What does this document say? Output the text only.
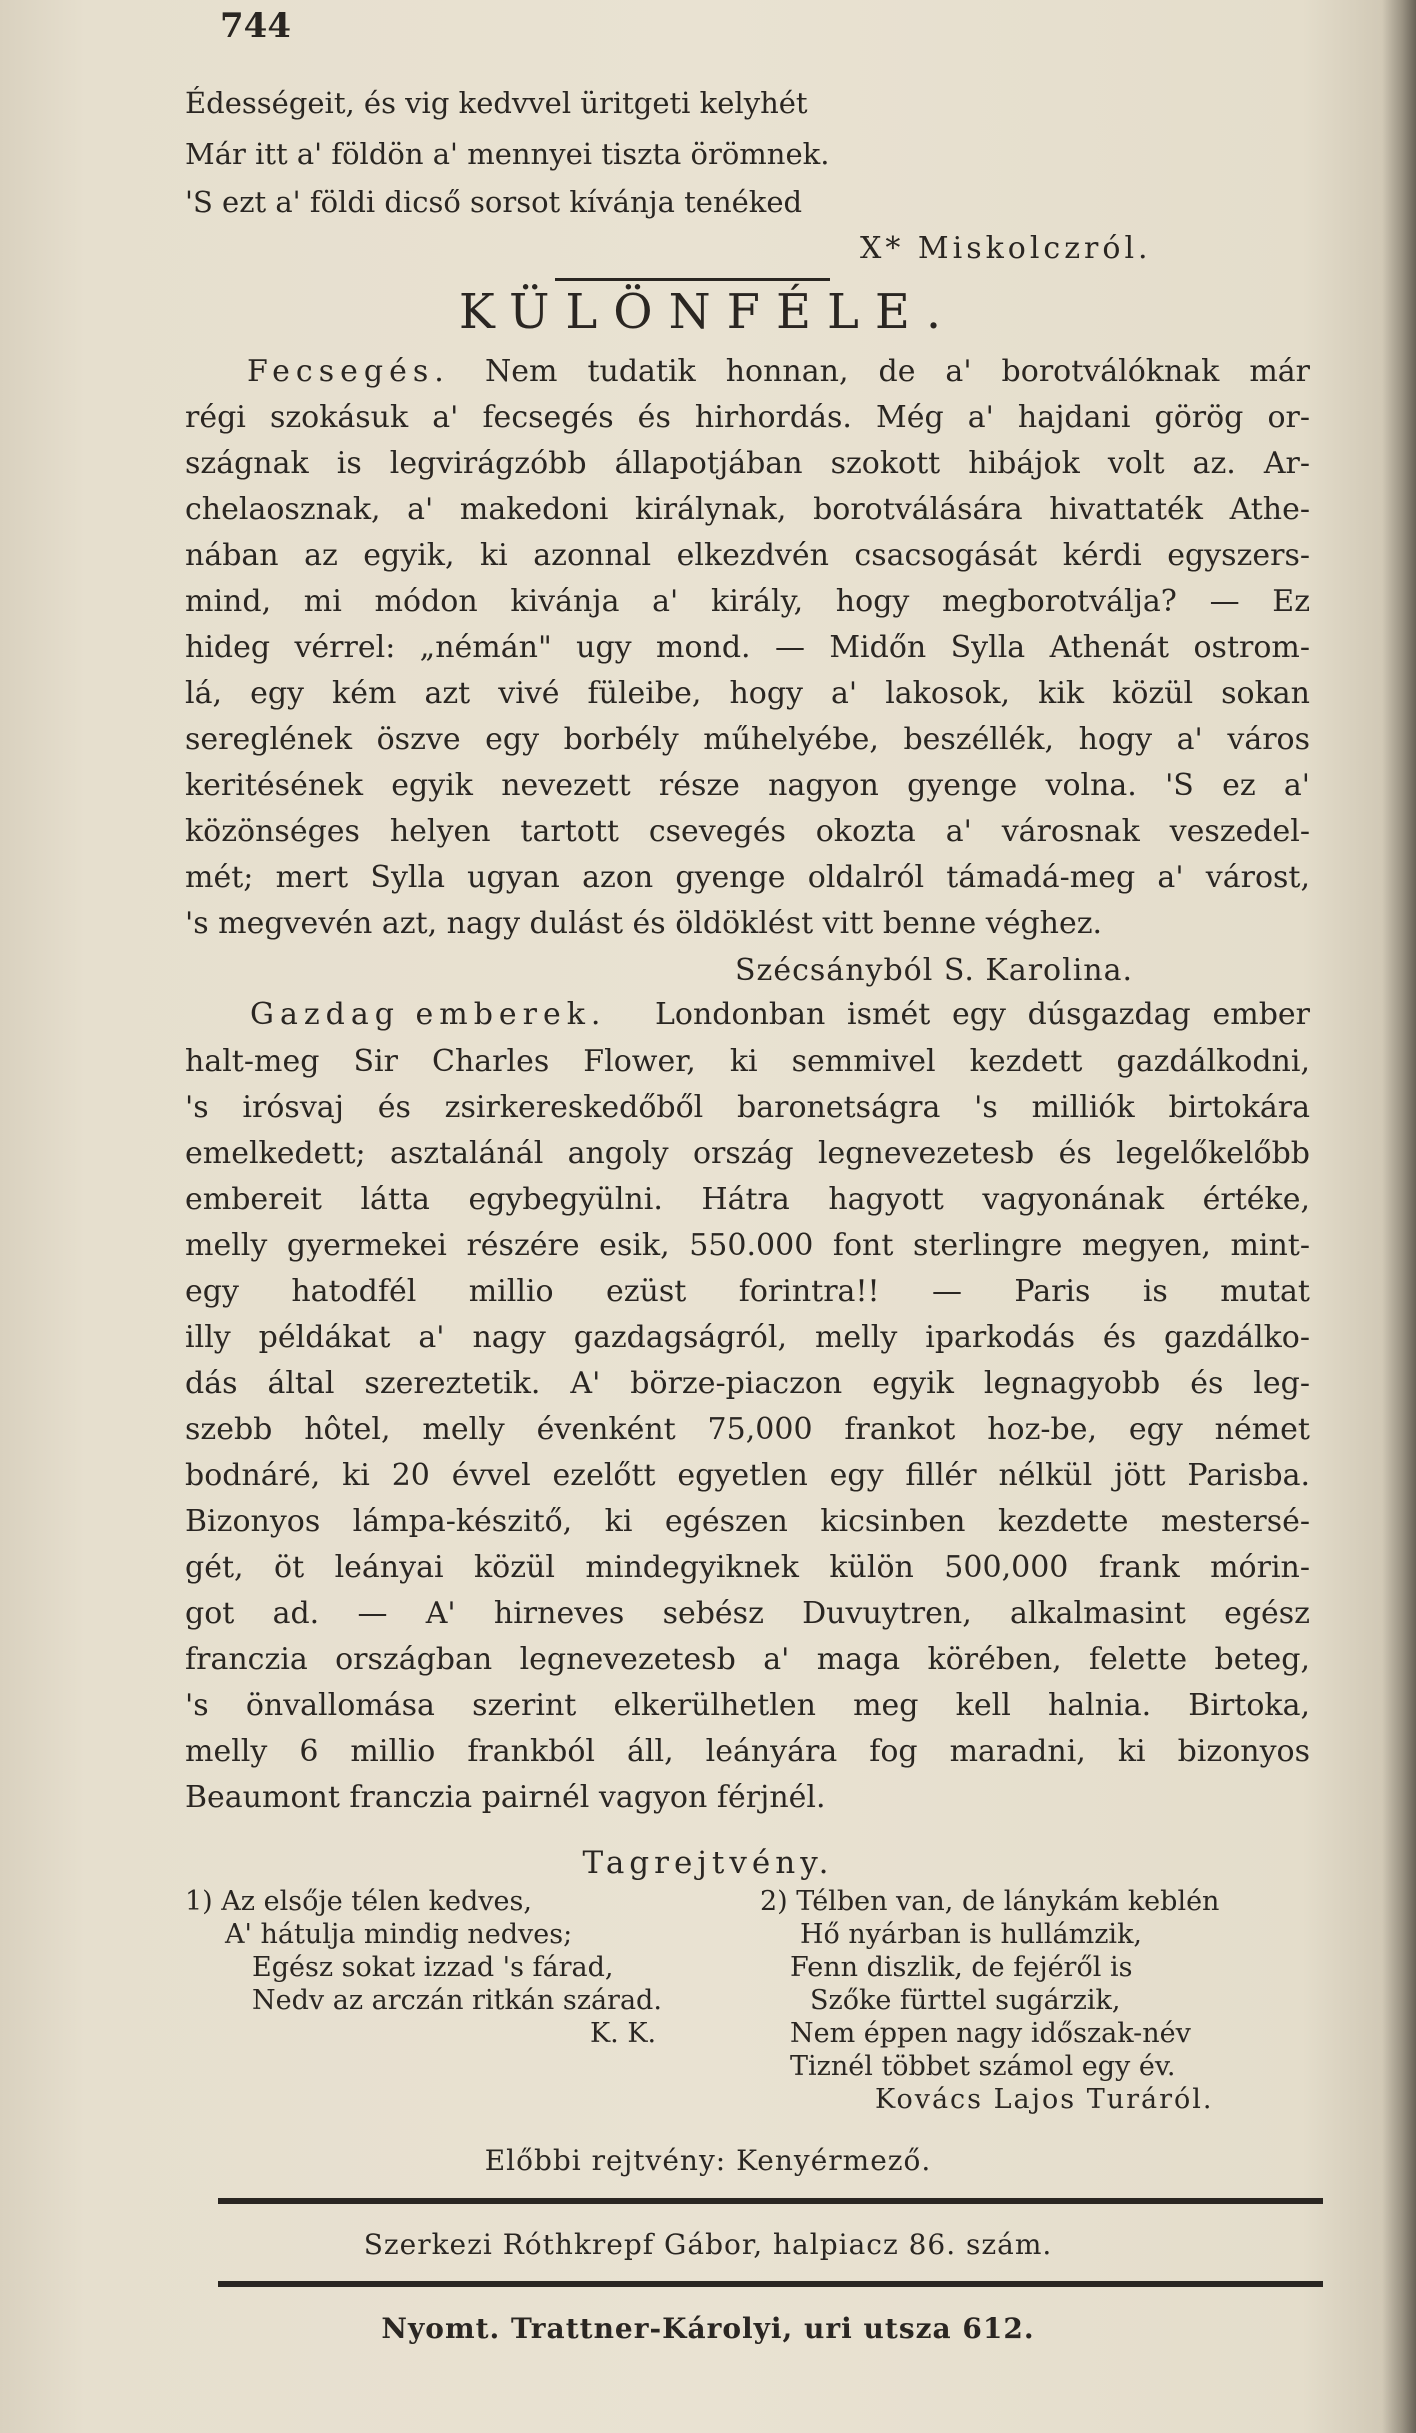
744
Édességeit, és vig kedvvel üritgeti kelyhét
Már itt a' földön a' mennyei tiszta örömnek.
'S ezt a' földi dicső sorsot kívánja tenéked
X* Miskolczról.
KÜLÖNFÉLE.
Fecsegés. Nem tudatik honnan, de a' borotválóknak már
régi szokásuk a' fecsegés és hirhordás. Még a' hajdani görög or-
szágnak is legvirágzóbb állapotjában szokott hibájok volt az. Ar-
chelaosznak, a' makedoni királynak, borotválására hivattaték Athe-
nában az egyik, ki azonnal elkezdvén csacsogását kérdi egyszers-
mind, mi módon kivánja a' király, hogy megborotválja? — Ez
hideg vérrel: „némán" ugy mond. — Midőn Sylla Athenát ostrom-
lá, egy kém azt vivé füleibe, hogy a' lakosok, kik közül sokan
sereglének öszve egy borbély műhelyébe, beszéllék, hogy a' város
keritésének egyik nevezett része nagyon gyenge volna. 'S ez a'
közönséges helyen tartott csevegés okozta a' városnak veszedel-
mét; mert Sylla ugyan azon gyenge oldalról támadá-meg a' várost,
's megvevén azt, nagy dulást és öldöklést vitt benne véghez.
Szécsányból S. Karolina.
Gazdag emberek. Londonban ismét egy dúsgazdag ember
halt-meg Sir Charles Flower, ki semmivel kezdett gazdálkodni,
's irósvaj és zsirkereskedőből baronetságra 's milliók birtokára
emelkedett; asztalánál angoly ország legnevezetesb és legelőkelőbb
embereit látta egybegyülni. Hátra hagyott vagyonának értéke,
melly gyermekei részére esik, 550.000 font sterlingre megyen, mint-
egy hatodfél millio ezüst forintra!! — Paris is mutat
illy példákat a' nagy gazdagságról, melly iparkodás és gazdálko-
dás által szereztetik. A' börze-piaczon egyik legnagyobb és leg-
szebb hôtel, melly évenként 75,000 frankot hoz-be, egy német
bodnáré, ki 20 évvel ezelőtt egyetlen egy fillér nélkül jött Parisba.
Bizonyos lámpa-készitő, ki egészen kicsinben kezdette mestersé-
gét, öt leányai közül mindegyiknek külön 500,000 frank mórin-
got ad. — A' hirneves sebész Duvuytren, alkalmasint egész
franczia országban legnevezetesb a' maga körében, felette beteg,
's önvallomása szerint elkerülhetlen meg kell halnia. Birtoka,
melly 6 millio frankból áll, leányára fog maradni, ki bizonyos
Beaumont franczia pairnél vagyon férjnél.
Tagrejtvény.
1) Az elsője télen kedves,
A' hátulja mindig nedves;
Egész sokat izzad 's fárad,
Nedv az arczán ritkán szárad.
K. K.
2) Télben van, de lánykám keblén
Hő nyárban is hullámzik,
Fenn diszlik, de fejéről is
Szőke fürttel sugárzik,
Nem éppen nagy időszak-név
Tiznél többet számol egy év.
Kovács Lajos Turáról.
Előbbi rejtvény: Kenyérmező.
Szerkezi Róthkrepf Gábor, halpiacz 86. szám.
Nyomt. Trattner-Károlyi, uri utsza 612.
